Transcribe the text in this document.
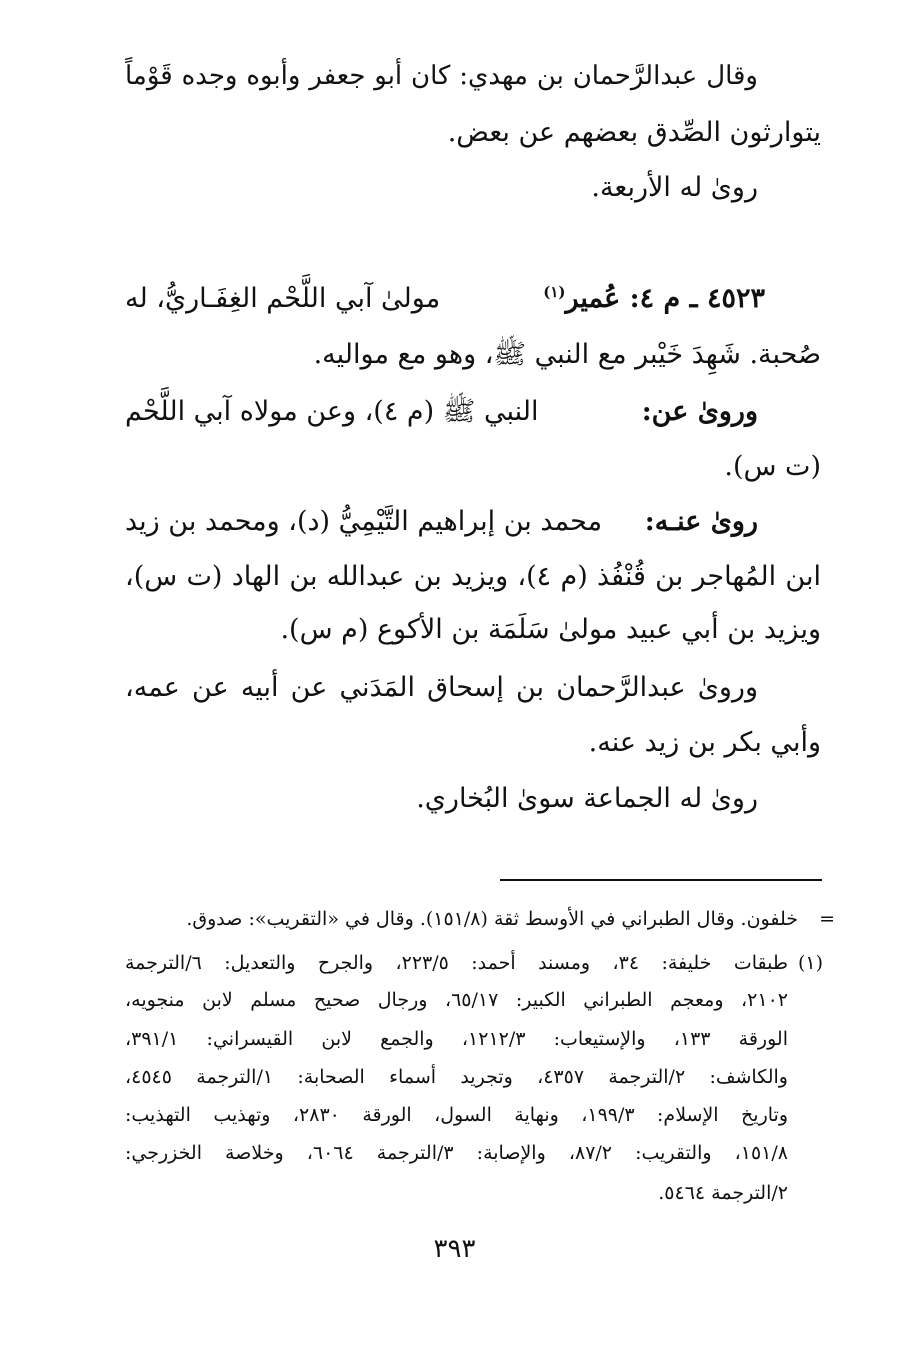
وقال عبدالرَّحمان بن مهدي: كان أبو جعفر وأبوه وجده قَوْماً
يتوارثون الصِّدق بعضهم عن بعض.
روىٰ له الأربعة.
٤٥٢٣ ـ م ٤: عُمير$^{(١)}$
مولىٰ آبي اللَّحْم الغِفَـاريُّ، له
صُحبة. شَهِدَ خَيْبر مع النبي ﷺ، وهو مع مواليه.
وروىٰ عن:
النبي ﷺ (م ٤)، وعن مولاه آبي اللَّحْم
(ت س).
روىٰ عنـه:
محمد بن إبراهيم التَّيْمِيُّ (د)، ومحمد بن زيد
ابن المُهاجر بن قُنْفُذ (م ٤)، ويزيد بن عبدالله بن الهاد (ت س)،
ويزيد بن أبي عبيد مولىٰ سَلَمَة بن الأكوع (م س).
وروىٰ عبدالرَّحمان بن إسحاق المَدَني عن أبيه عن عمه،
وأبي بكر بن زيد عنه.
روىٰ له الجماعة سوىٰ البُخاري.
=
خلفون. وقال الطبراني في الأوسط ثقة (١٥١/٨). وقال في «التقريب»: صدوق.
(١)
طبقات خليفة: ٣٤، ومسند أحمد: ٢٢٣/٥، والجرح والتعديل: ٦/الترجمة
٢١٠٢، ومعجم الطبراني الكبير: ٦٥/١٧، ورجال صحيح مسلم لابن منجويه،
الورقة ١٣٣، والإستيعاب: ١٢١٢/٣، والجمع لابن القيسراني: ٣٩١/١،
والكاشف: ٢/الترجمة ٤٣٥٧، وتجريد أسماء الصحابة: ١/الترجمة ٤٥٤٥،
وتاريخ الإسلام: ١٩٩/٣، ونهاية السول، الورقة ٢٨٣٠، وتهذيب التهذيب:
١٥١/٨، والتقريب: ٨٧/٢، والإصابة: ٣/الترجمة ٦٠٦٤، وخلاصة الخزرجي:
٢/الترجمة ٥٤٦٤.
٣٩٣
